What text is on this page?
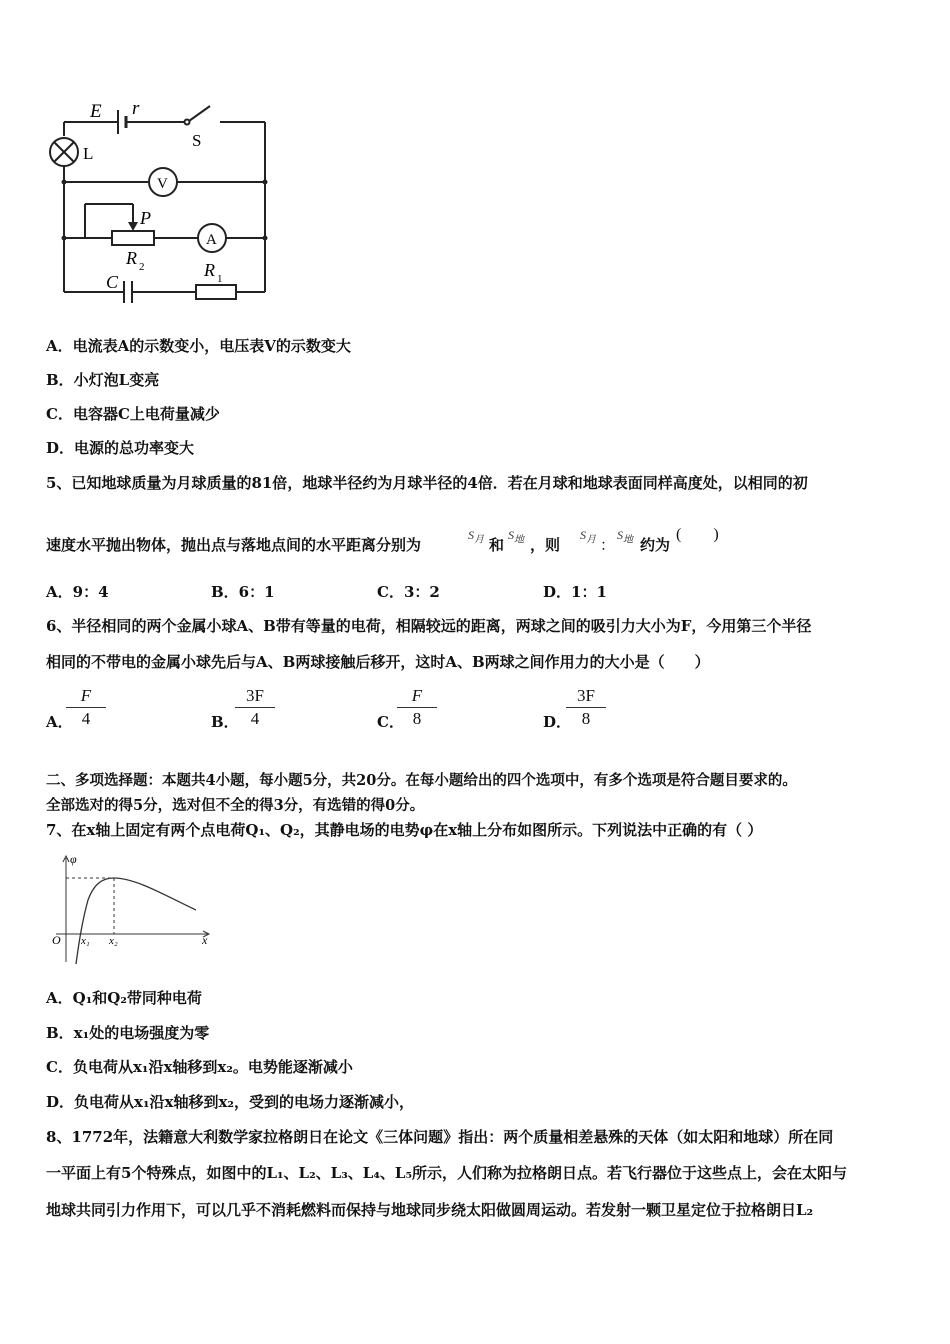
E r
S
L
V
P
A
R 2	R 1
C
A．电流表A的示数变小，电压表V的示数变大
B．小灯泡L变亮
C．电容器C上电荷量减少
D．电源的总功率变大
5、已知地球质量为月球质量的81倍，地球半径约为月球半径的4倍．若在月球和地球表面同样高度处，以相同的初
速度水平抛出物体，抛出点与落地点间的水平距离分别为
$S_月$ 和
$S_地$ ，则
$S_月$ ：
$S_地$ 约为
(　　)
A．9：4	B．6：1	C．3：2	D．1：1
6、半径相同的两个金属小球A、B带有等量的电荷，相隔较远的距离，两球之间的吸引力大小为F，今用第三个半径
相同的不带电的金属小球先后与A、B两球接触后移开，这时A、B两球之间作用力的大小是（　　）
A．
$\frac{F}{4}$	B．
$\frac{3F}{4}$	C．
$\frac{F}{8}$	D．
$\frac{3F}{8}$
二、多项选择题：本题共4小题，每小题5分，共20分。在每小题给出的四个选项中，有多个选项是符合题目要求的。
全部选对的得5分，选对但不全的得3分，有选错的得0分。
7、在x轴上固定有两个点电荷Q₁、Q₂，其静电场的电势φ在x轴上分布如图所示。下列说法中正确的有（ ）
φ
O x₁ x₂	x
A．Q₁和Q₂带同种电荷
B．x₁处的电场强度为零
C．负电荷从x₁沿x轴移到x₂。电势能逐渐减小
D．负电荷从x₁沿x轴移到x₂，受到的电场力逐渐减小，
8、1772年，法籍意大利数学家拉格朗日在论文《三体问题》指出：两个质量相差悬殊的天体（如太阳和地球）所在同
一平面上有5个特殊点，如图中的L₁、L₂、L₃、L₄、L₅所示，人们称为拉格朗日点。若飞行器位于这些点上，会在太阳与
地球共同引力作用下，可以几乎不消耗燃料而保持与地球同步绕太阳做圆周运动。若发射一颗卫星定位于拉格朗日L₂
